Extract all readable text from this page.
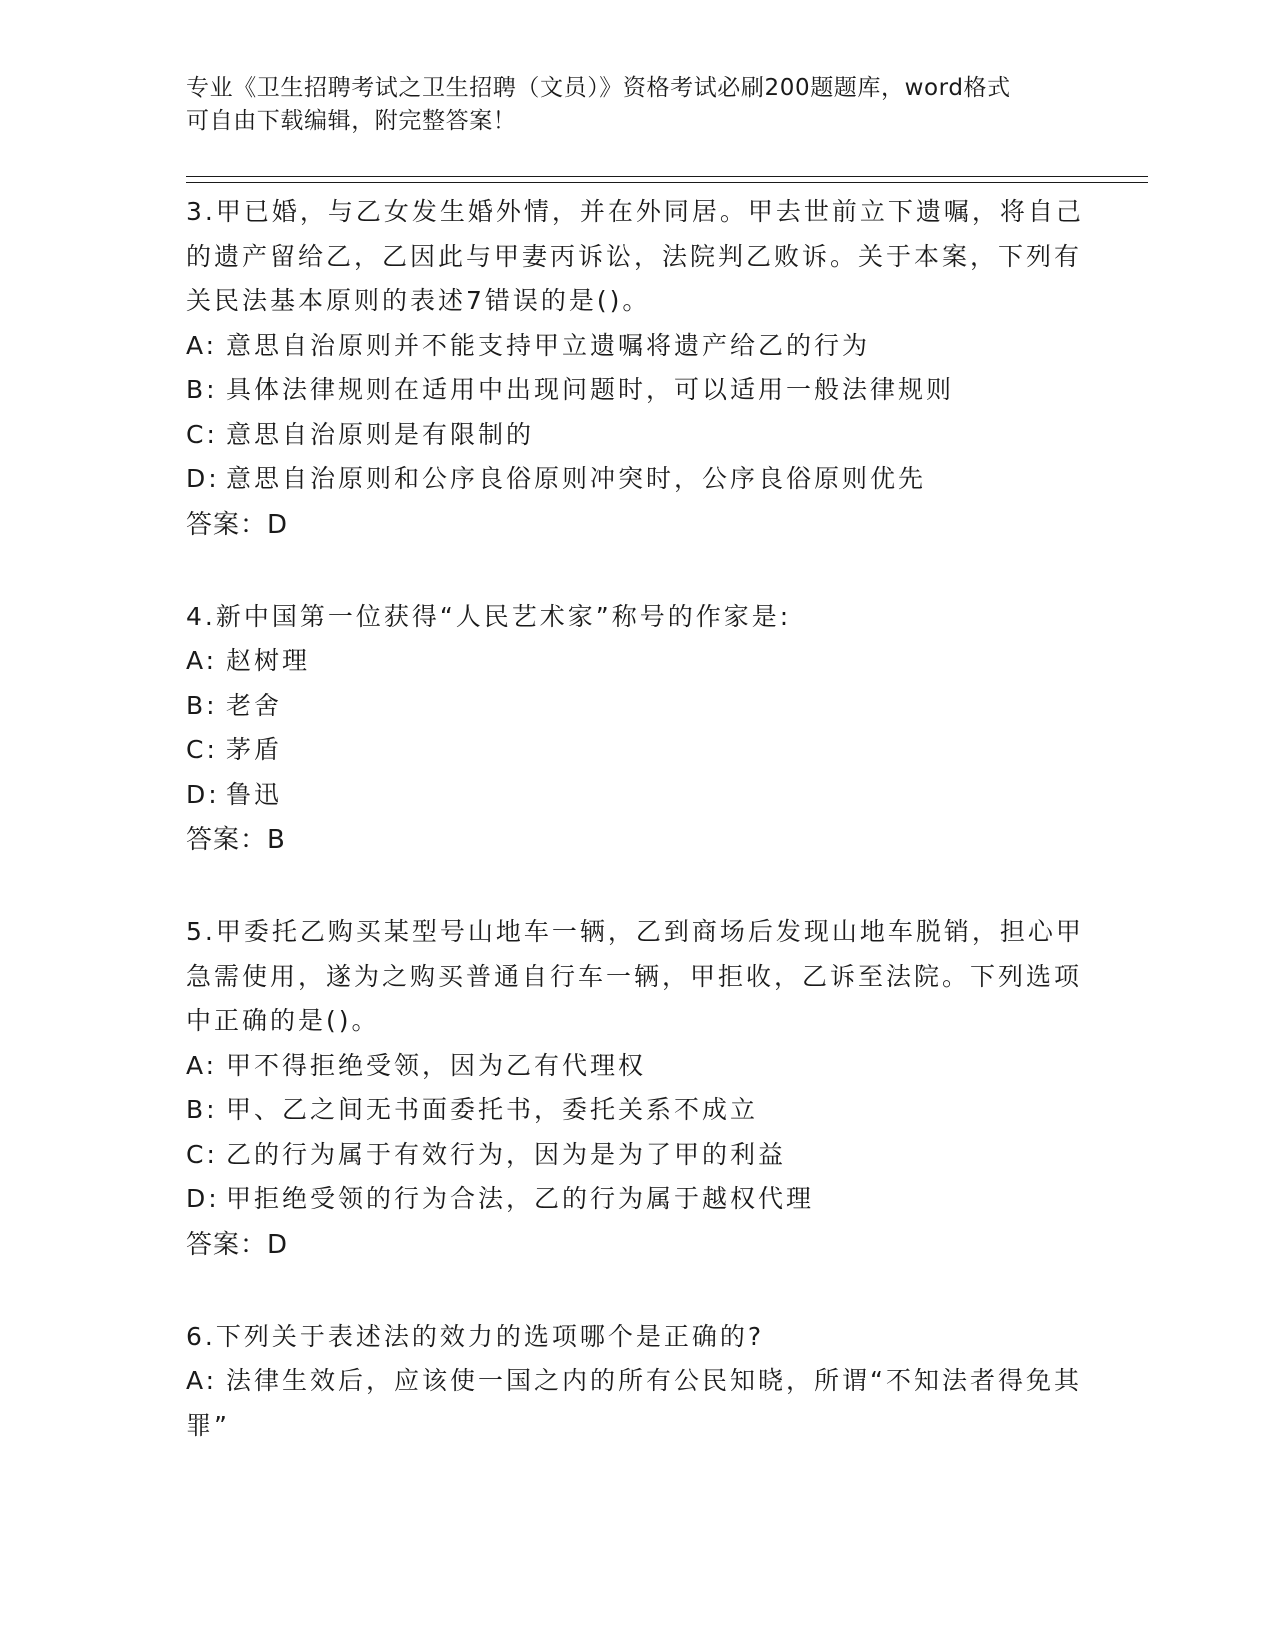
专业《卫生招聘考试之卫生招聘（文员）》资格考试必刷200题题库，word格式

可自由下载编辑，附完整答案！

3.甲已婚，与乙女发生婚外情，并在外同居。甲去世前立下遗嘱，将自己的遗产留给乙，乙因此与甲妻丙诉讼，法院判乙败诉。关于本案，下列有关民法基本原则的表述7错误的是()。

A: 意思自治原则并不能支持甲立遗嘱将遗产给乙的行为
B: 具体法律规则在适用中出现问题时，可以适用一般法律规则
C: 意思自治原则是有限制的
D: 意思自治原则和公序良俗原则冲突时，公序良俗原则优先

答案：D

4.新中国第一位获得“人民艺术家”称号的作家是:

A: 赵树理
B: 老舍
C: 茅盾
D: 鲁迅

答案：B

5.甲委托乙购买某型号山地车一辆，乙到商场后发现山地车脱销，担心甲急需使用，遂为之购买普通自行车一辆，甲拒收，乙诉至法院。下列选项中正确的是()。

A: 甲不得拒绝受领，因为乙有代理权
B: 甲、乙之间无书面委托书，委托关系不成立
C: 乙的行为属于有效行为，因为是为了甲的利益
D: 甲拒绝受领的行为合法，乙的行为属于越权代理

答案：D

6.下列关于表述法的效力的选项哪个是正确的?

A: 法律生效后，应该使一国之内的所有公民知晓，所谓“不知法者得免其罪”
